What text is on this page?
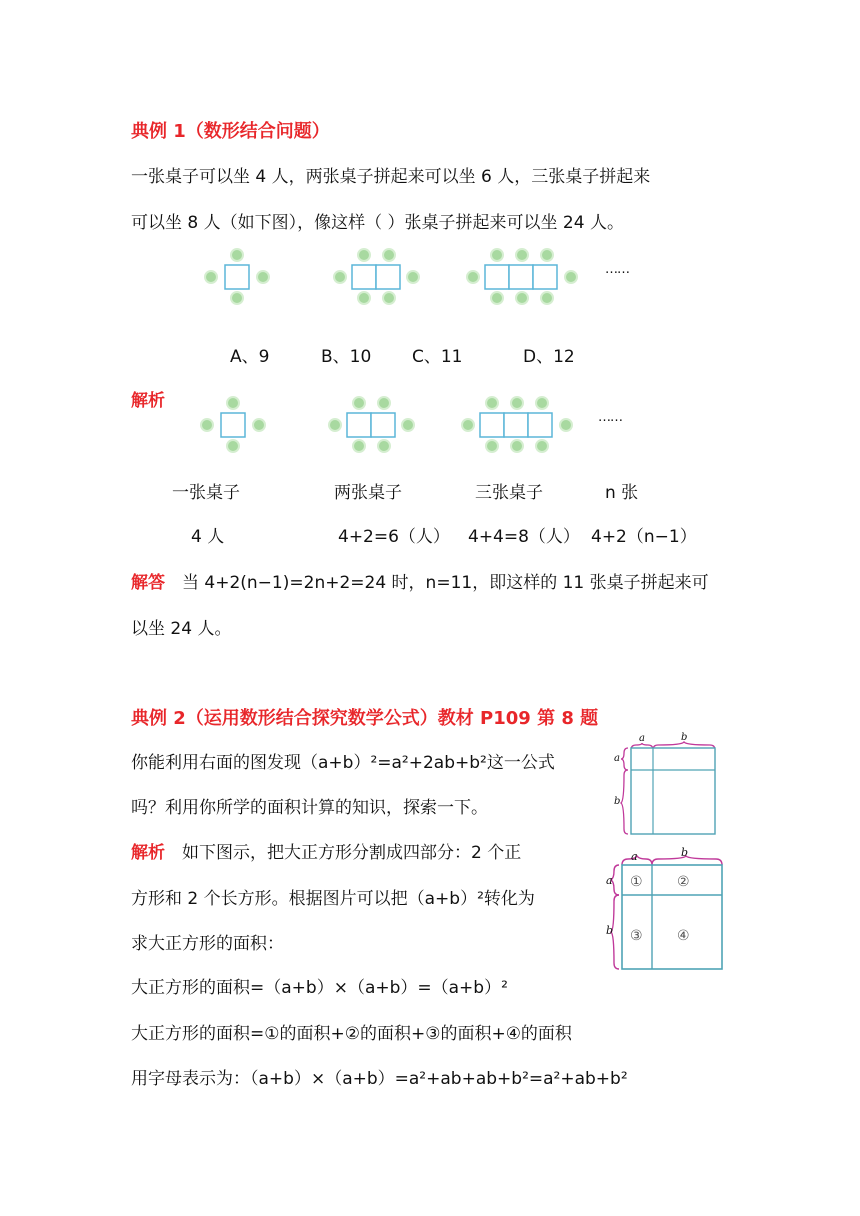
典例 1（数形结合问题）
一张桌子可以坐 4 人，两张桌子拼起来可以坐 6 人，三张桌子拼起来
可以坐 8 人（如下图），像这样（ ）张桌子拼起来可以坐 24 人。
……
A、9	B、10 C、11	D、12
解析
……
一张桌子	两张桌子	三张桌子	n 张
4 人	4+2=6（人） 4+4=8（人） 4+2（n−1）
解答 当 4+2(n−1)=2n+2=24 时，n=11，即这样的 11 张桌子拼起来可
以坐 24 人。
典例 2（运用数形结合探究数学公式）教材 P109 第 8 题
你能利用右面的图发现（a+b）²=a²+2ab+b²这一公式
吗？利用你所学的面积计算的知识，探索一下。
a	b
a
b
解析 如下图示，把大正方形分割成四部分：2 个正
方形和 2 个长方形。根据图片可以把（a+b）²转化为
求大正方形的面积：
a	b
a
b
① ②
③ ④
大正方形的面积=（a+b）×（a+b）=（a+b）²
大正方形的面积=①的面积+②的面积+③的面积+④的面积
用字母表示为：（a+b）×（a+b）=a²+ab+ab+b²=a²+ab+b²
